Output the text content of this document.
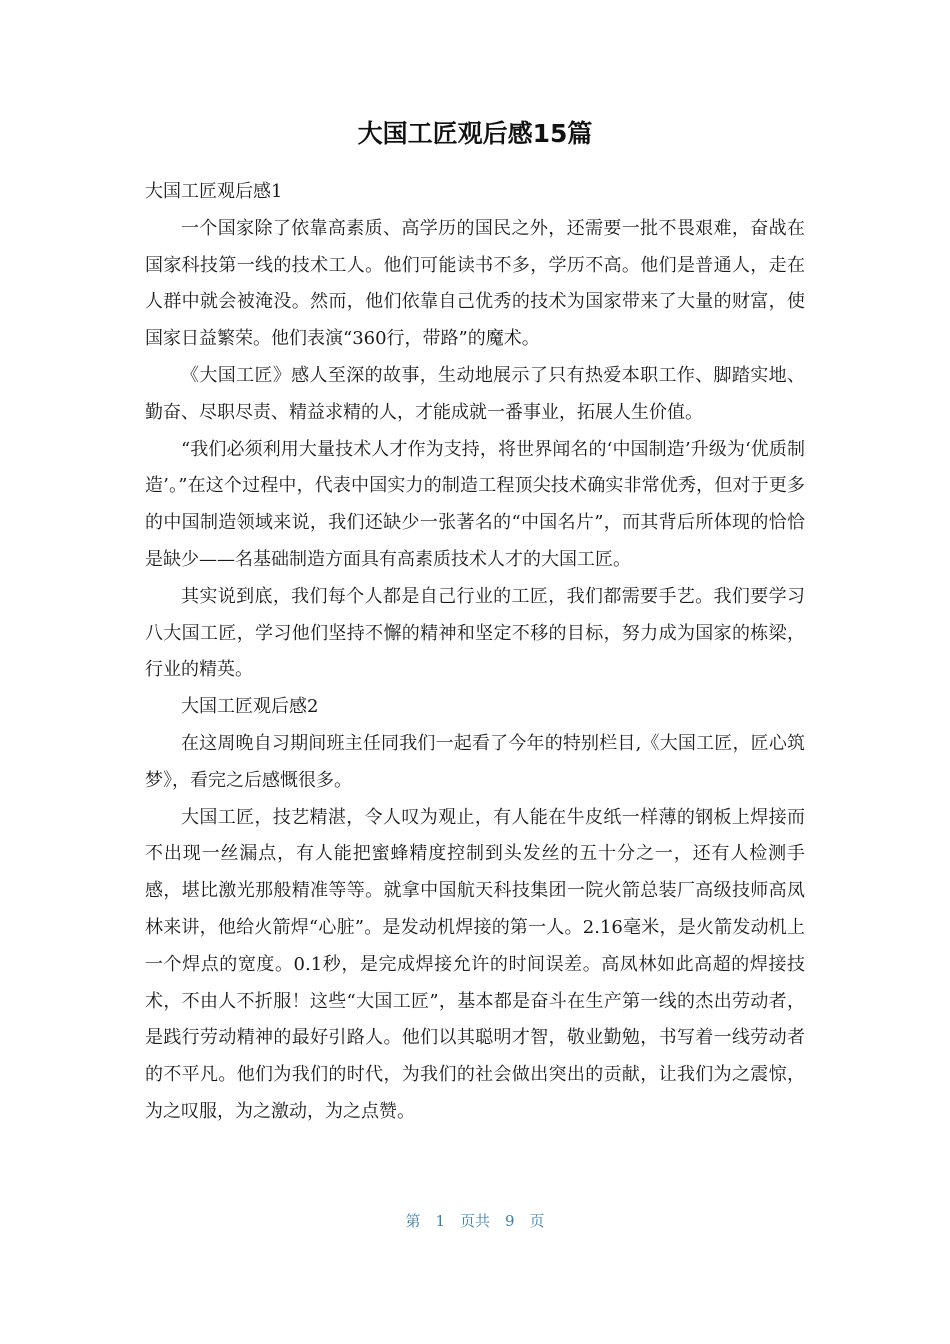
大国工匠观后感15篇

大国工匠观后感1

一个国家除了依靠高素质、高学历的国民之外，还需要一批不畏艰难，奋战在国家科技第一线的技术工人。他们可能读书不多，学历不高。他们是普通人，走在人群中就会被淹没。然而，他们依靠自己优秀的技术为国家带来了大量的财富，使国家日益繁荣。他们表演“360行，带路”的魔术。

《大国工匠》感人至深的故事，生动地展示了只有热爱本职工作、脚踏实地、勤奋、尽职尽责、精益求精的人，才能成就一番事业，拓展人生价值。

“我们必须利用大量技术人才作为支持，将世界闻名的‘中国制造’升级为‘优质制造’。”在这个过程中，代表中国实力的制造工程顶尖技术确实非常优秀，但对于更多的中国制造领域来说，我们还缺少一张著名的“中国名片”，而其背后所体现的恰恰是缺少——名基础制造方面具有高素质技术人才的大国工匠。

其实说到底，我们每个人都是自己行业的工匠，我们都需要手艺。我们要学习八大国工匠，学习他们坚持不懈的精神和坚定不移的目标，努力成为国家的栋梁，行业的精英。

大国工匠观后感2

在这周晚自习期间班主任同我们一起看了今年的特别栏目,《大国工匠，匠心筑梦》，看完之后感慨很多。

大国工匠，技艺精湛，令人叹为观止，有人能在牛皮纸一样薄的钢板上焊接而不出现一丝漏点，有人能把蜜蜂精度控制到头发丝的五十分之一，还有人检测手感，堪比激光那般精准等等。就拿中国航天科技集团一院火箭总装厂高级技师高凤林来讲，他给火箭焊“心脏”。是发动机焊接的第一人。2.16毫米，是火箭发动机上一个焊点的宽度。0.1秒，是完成焊接允许的时间误差。高凤林如此高超的焊接技术，不由人不折服！这些“大国工匠”，基本都是奋斗在生产第一线的杰出劳动者，是践行劳动精神的最好引路人。他们以其聪明才智，敬业勤勉，书写着一线劳动者的不平凡。他们为我们的时代，为我们的社会做出突出的贡献，让我们为之震惊，为之叹服，为之激动，为之点赞。

第　1　页共　9　页
